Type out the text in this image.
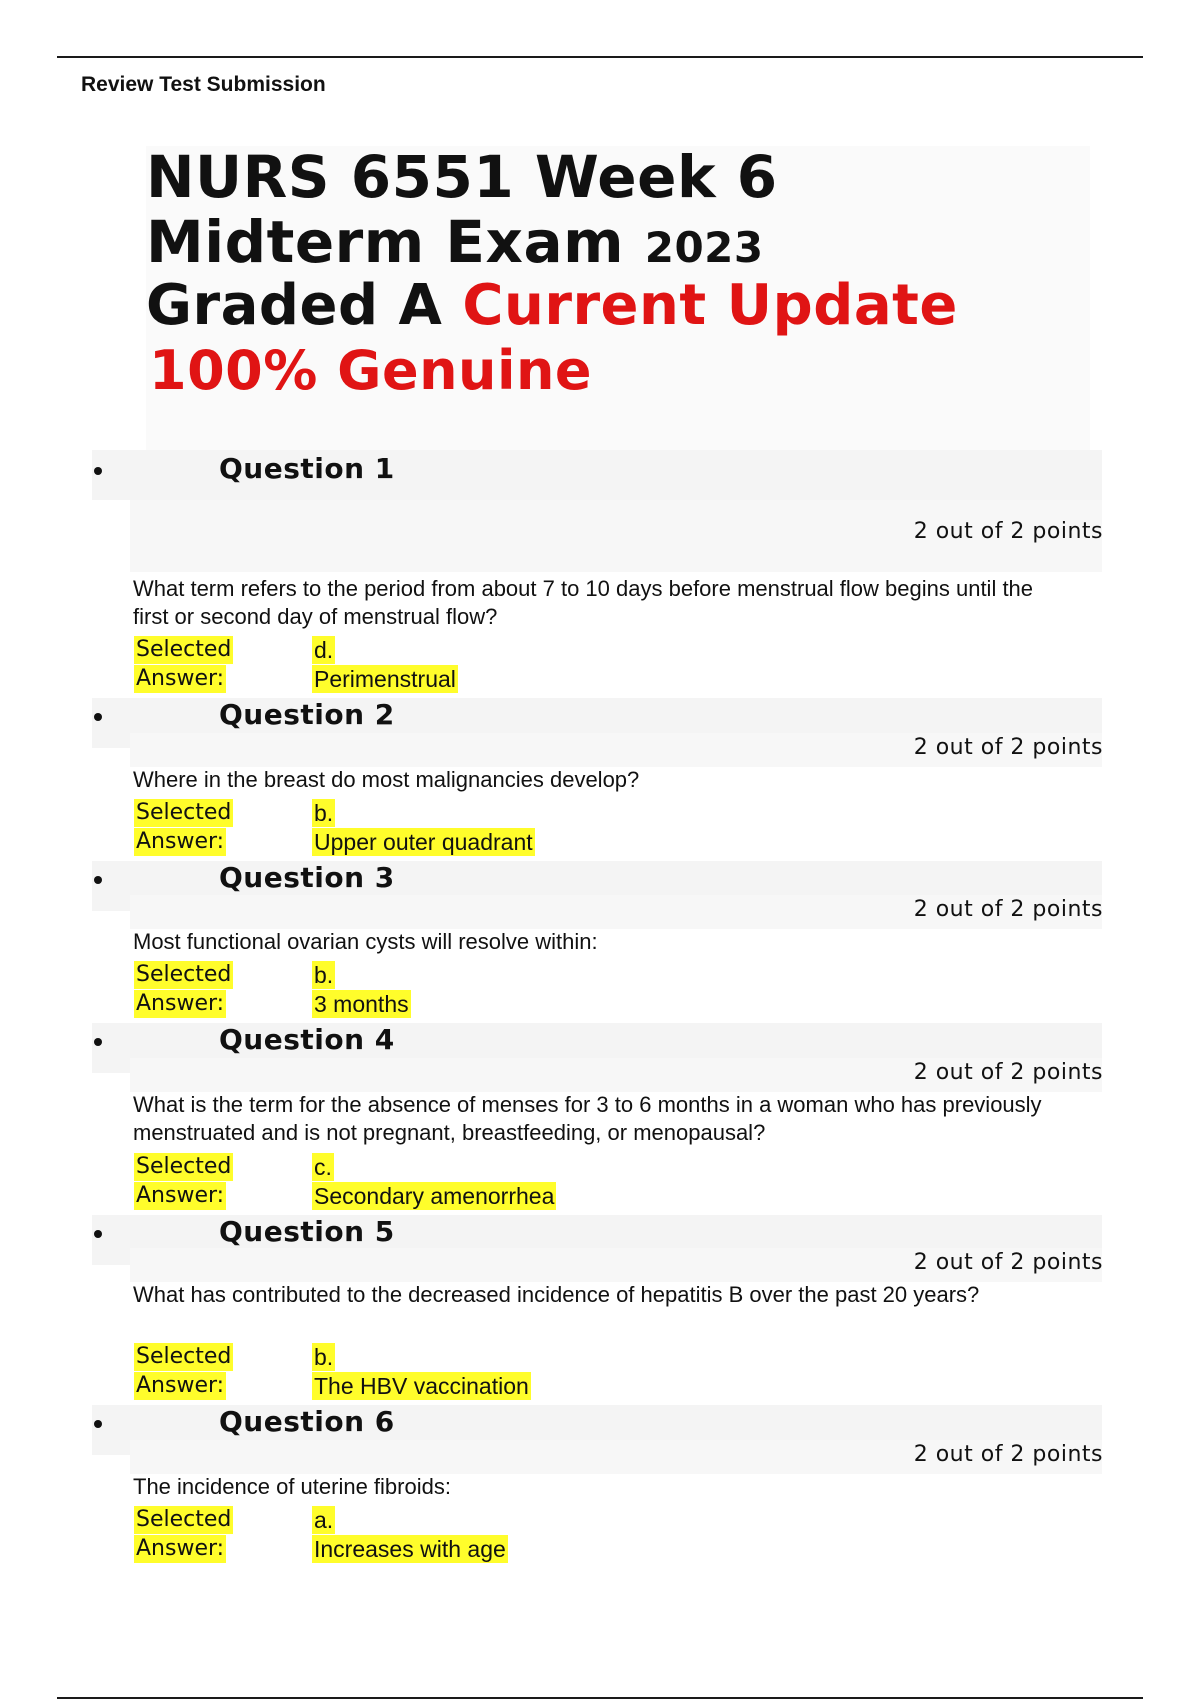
Review Test Submission
NURS 6551 Week 6
Midterm Exam 2023
Graded A Current Update
100% Genuine
Question 1
2 out of 2 points
What term refers to the period from about 7 to 10 days before menstrual flow begins until the first or second day of menstrual flow?
Selected
Answer:
d.
Perimenstrual
Question 2
2 out of 2 points
Where in the breast do most malignancies develop?
Selected
Answer:
b.
Upper outer quadrant
Question 3
2 out of 2 points
Most functional ovarian cysts will resolve within:
Selected
Answer:
b.
3 months
Question 4
2 out of 2 points
What is the term for the absence of menses for 3 to 6 months in a woman who has previously menstruated and is not pregnant, breastfeeding, or menopausal?
Selected
Answer:
c.
Secondary amenorrhea
Question 5
2 out of 2 points
What has contributed to the decreased incidence of hepatitis B over the past 20 years?
Selected
Answer:
b.
The HBV vaccination
Question 6
2 out of 2 points
The incidence of uterine fibroids:
Selected
Answer:
a.
Increases with age
